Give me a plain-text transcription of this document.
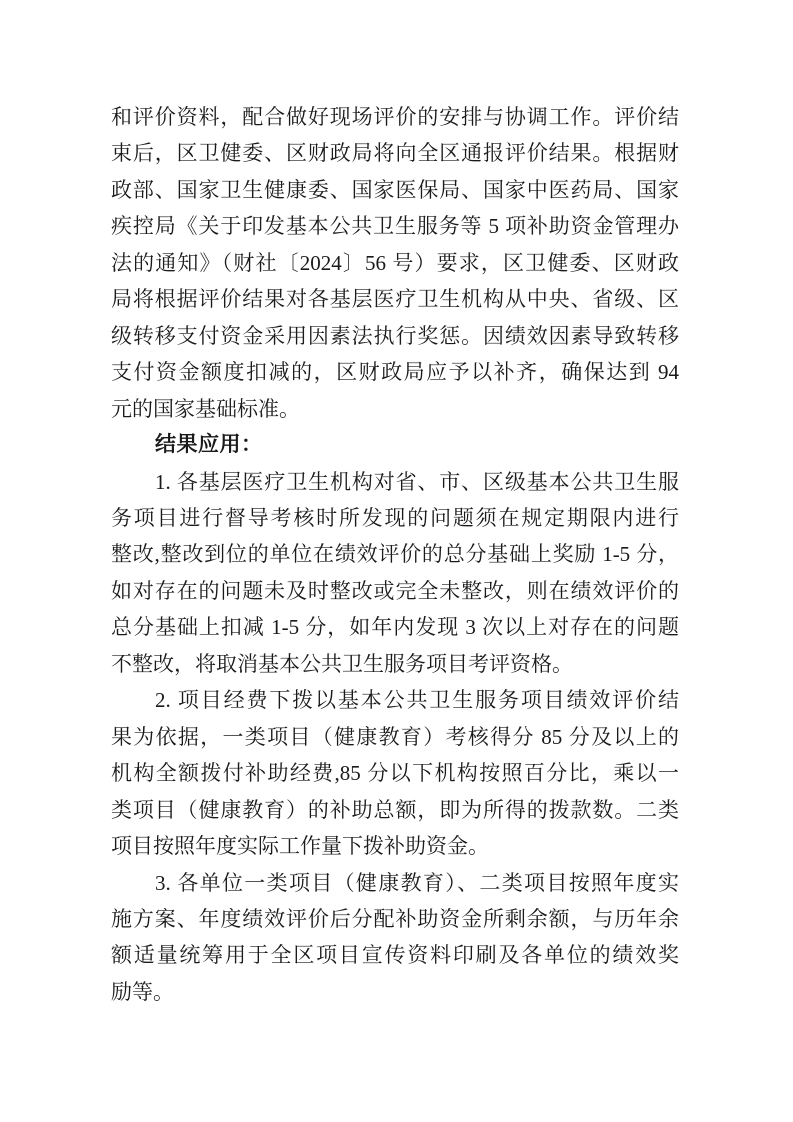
和评价资料，配合做好现场评价的安排与协调工作。评价结
束后，区卫健委、区财政局将向全区通报评价结果。根据财
政部、国家卫生健康委、国家医保局、国家中医药局、国家
疾控局《关于印发基本公共卫生服务等 5 项补助资金管理办
法的通知》（财社〔2024〕56 号）要求，区卫健委、区财政
局将根据评价结果对各基层医疗卫生机构从中央、省级、区
级转移支付资金采用因素法执行奖惩。因绩效因素导致转移
支付资金额度扣减的，区财政局应予以补齐，确保达到 94
元的国家基础标准。
结果应用：
1. 各基层医疗卫生机构对省、市、区级基本公共卫生服
务项目进行督导考核时所发现的问题须在规定期限内进行
整改,整改到位的单位在绩效评价的总分基础上奖励 1-5 分，
如对存在的问题未及时整改或完全未整改，则在绩效评价的
总分基础上扣减 1-5 分，如年内发现 3 次以上对存在的问题
不整改，将取消基本公共卫生服务项目考评资格。
2. 项目经费下拨以基本公共卫生服务项目绩效评价结
果为依据，一类项目（健康教育）考核得分 85 分及以上的
机构全额拨付补助经费,85 分以下机构按照百分比，乘以一
类项目（健康教育）的补助总额，即为所得的拨款数。二类
项目按照年度实际工作量下拨补助资金。
3. 各单位一类项目（健康教育）、二类项目按照年度实
施方案、年度绩效评价后分配补助资金所剩余额，与历年余
额适量统筹用于全区项目宣传资料印刷及各单位的绩效奖
励等。
